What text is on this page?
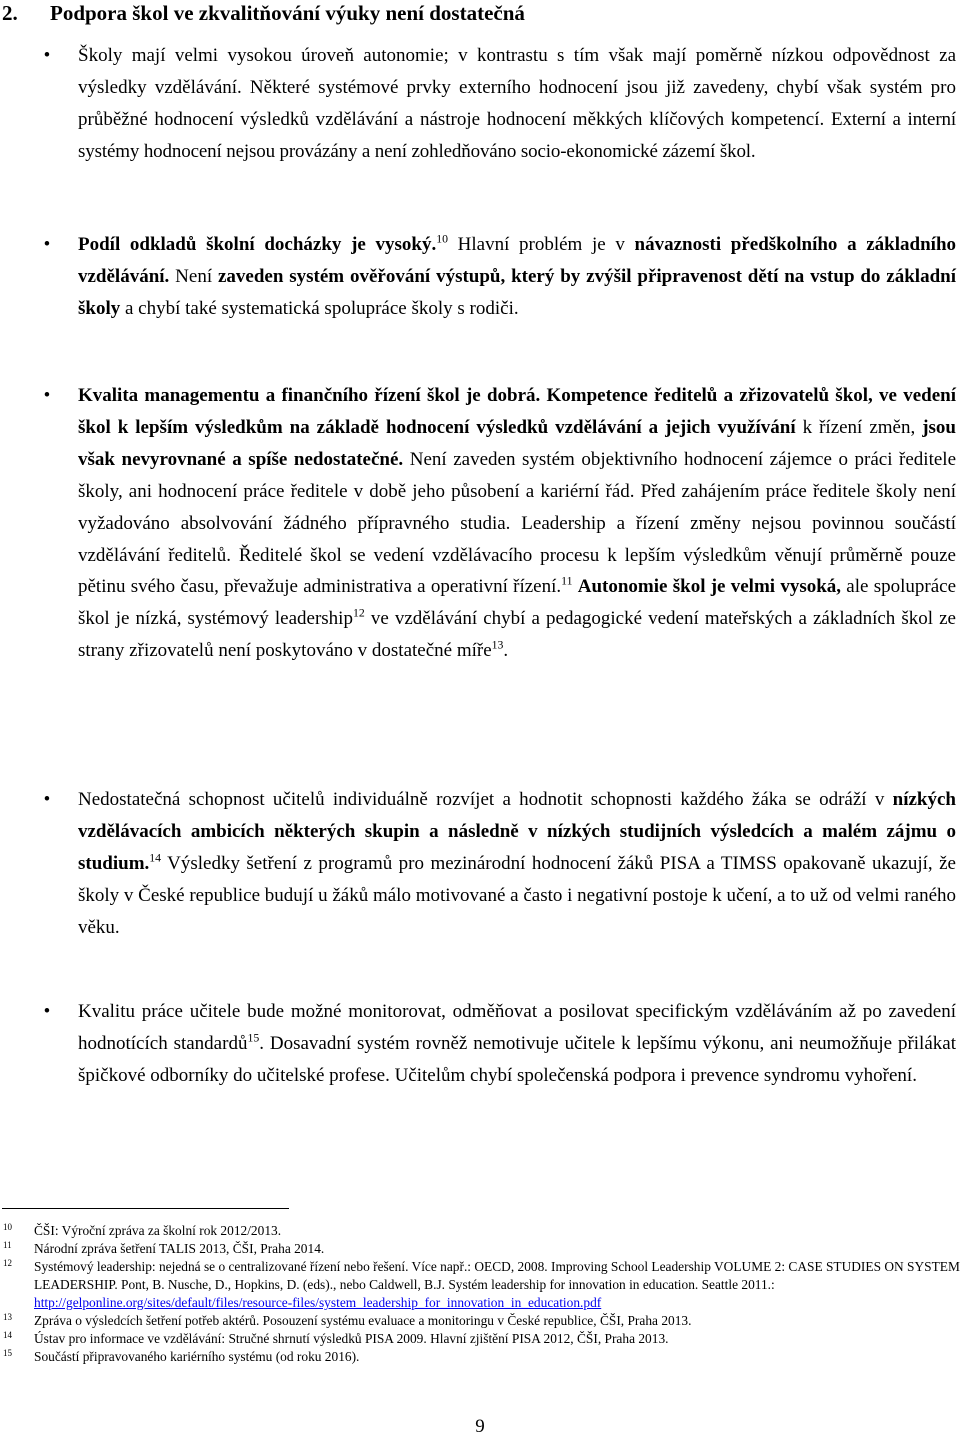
2. Podpora škol ve zkvalitňování výuky není dostatečná
• Školy mají velmi vysokou úroveň autonomie; v kontrastu s tím však mají poměrně nízkou odpovědnost za výsledky vzdělávání. Některé systémové prvky externího hodnocení jsou již zavedeny, chybí však systém pro průběžné hodnocení výsledků vzdělávání a nástroje hodnocení měkkých klíčových kompetencí. Externí a interní systémy hodnocení nejsou provázány a není zohledňováno socio-ekonomické zázemí škol.
• Podíl odkladů školní docházky je vysoký.$^{10}$ Hlavní problém je v návaznosti předškolního a základního vzdělávání. Není zaveden systém ověřování výstupů, který by zvýšil připravenost dětí na vstup do základní školy a chybí také systematická spolupráce školy s rodiči.
• Kvalita managementu a finančního řízení škol je dobrá. Kompetence ředitelů a zřizovatelů škol, ve vedení škol k lepším výsledkům na základě hodnocení výsledků vzdělávání a jejich využívání k řízení změn, jsou však nevyrovnané a spíše nedostatečné. Není zaveden systém objektivního hodnocení zájemce o práci ředitele školy, ani hodnocení práce ředitele v době jeho působení a kariérní řád. Před zahájením práce ředitele školy není vyžadováno absolvování žádného přípravného studia. Leadership a řízení změny nejsou povinnou součástí vzdělávání ředitelů. Ředitelé škol se vedení vzdělávacího procesu k lepším výsledkům věnují průměrně pouze pětinu svého času, převažuje administrativa a operativní řízení.$^{11}$ Autonomie škol je velmi vysoká, ale spolupráce škol je nízká, systémový leadership$^{12}$ ve vzdělávání chybí a pedagogické vedení mateřských a základních škol ze strany zřizovatelů není poskytováno v dostatečné míře$^{13}$.
• Nedostatečná schopnost učitelů individuálně rozvíjet a hodnotit schopnosti každého žáka se odráží v nízkých vzdělávacích ambicích některých skupin a následně v nízkých studijních výsledcích a malém zájmu o studium.$^{14}$ Výsledky šetření z programů pro mezinárodní hodnocení žáků PISA a TIMSS opakovaně ukazují, že školy v České republice budují u žáků málo motivované a často i negativní postoje k učení, a to už od velmi raného věku.
• Kvalitu práce učitele bude možné monitorovat, odměňovat a posilovat specifickým vzděláváním až po zavedení hodnotících standardů$^{15}$. Dosavadní systém rovněž nemotivuje učitele k lepšímu výkonu, ani neumožňuje přilákat špičkové odborníky do učitelské profese. Učitelům chybí společenská podpora i prevence syndromu vyhoření.
10 ČŠI: Výroční zpráva za školní rok 2012/2013.
11 Národní zpráva šetření TALIS 2013, ČŠI, Praha 2014.
12 Systémový leadership: nejedná se o centralizované řízení nebo řešení. Více např.: OECD, 2008. Improving School Leadership VOLUME 2: CASE STUDIES ON SYSTEM LEADERSHIP. Pont, B. Nusche, D., Hopkins, D. (eds)., nebo Caldwell, B.J. Systém leadership for innovation in education. Seattle 2011.: http://gelponline.org/sites/default/files/resource-files/system_leadership_for_innovation_in_education.pdf
13 Zpráva o výsledcích šetření potřeb aktérů. Posouzení systému evaluace a monitoringu v České republice, ČŠI, Praha 2013.
14 Ústav pro informace ve vzdělávání: Stručné shrnutí výsledků PISA 2009. Hlavní zjištění PISA 2012, ČŠI, Praha 2013.
15 Součástí připravovaného kariérního systému (od roku 2016).
9
